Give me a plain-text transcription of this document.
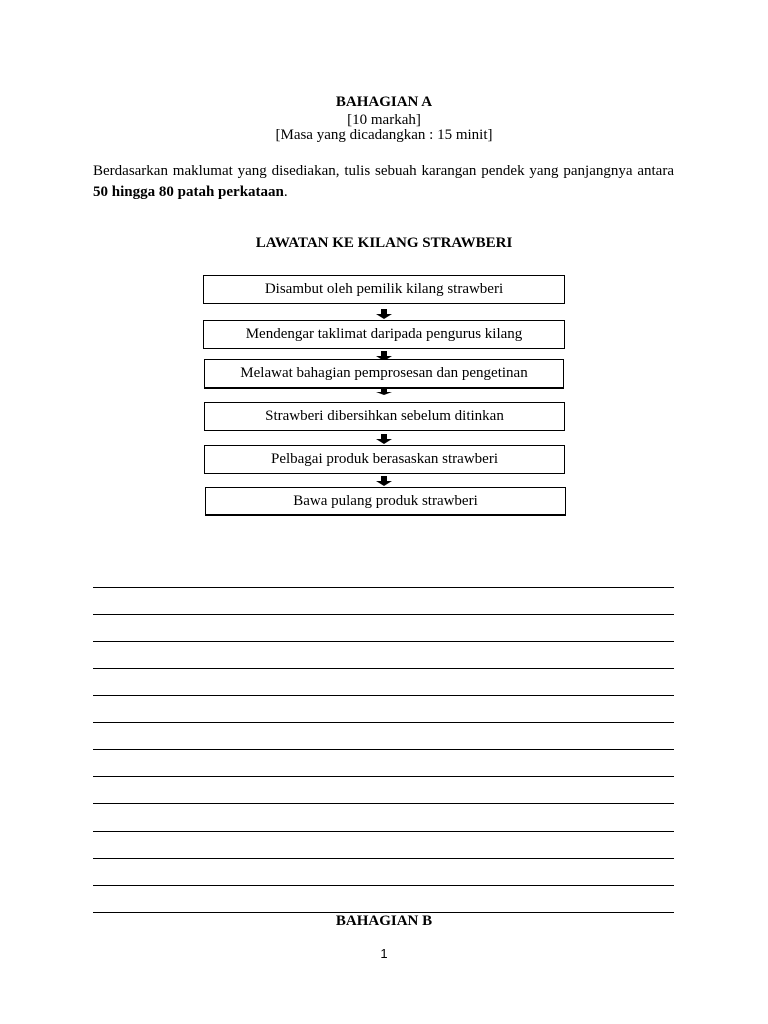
BAHAGIAN A
[10 markah]
[Masa yang dicadangkan : 15 minit]
Berdasarkan maklumat yang disediakan, tulis sebuah karangan pendek yang panjangnya antara 50 hingga 80 patah perkataan.
LAWATAN KE KILANG STRAWBERI
Disambut oleh pemilik kilang strawberi
Mendengar taklimat daripada pengurus kilang
Melawat bahagian pemprosesan dan pengetinan
Strawberi dibersihkan sebelum ditinkan
Pelbagai produk berasaskan strawberi
Bawa pulang produk strawberi
BAHAGIAN B
1
